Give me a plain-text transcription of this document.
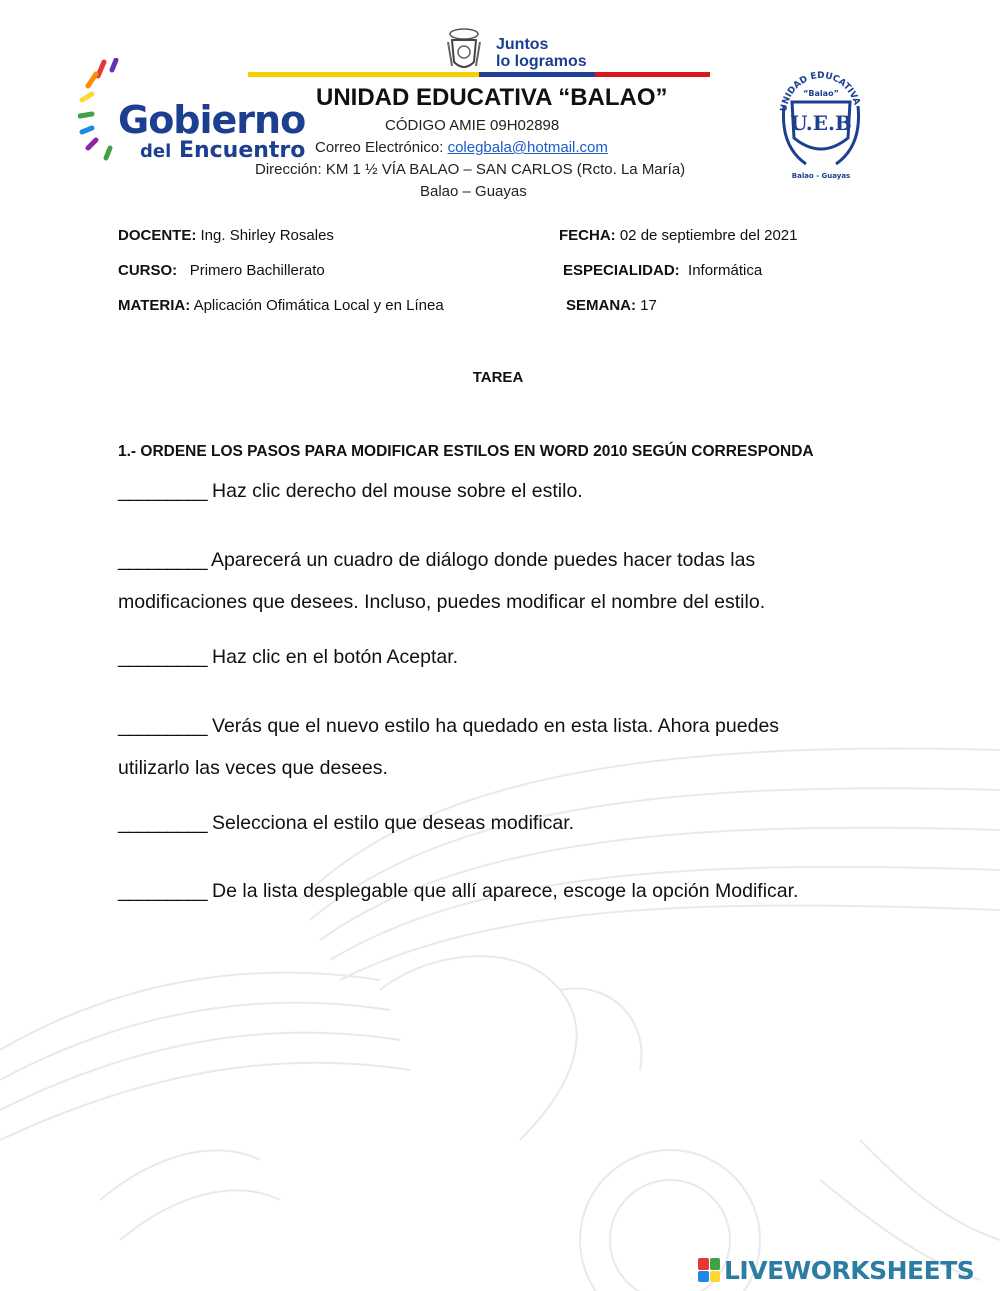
Gobierno
del Encuentro
Juntos
lo logramos
UNIDAD EDUCATIVA “BALAO”
CÓDIGO AMIE 09H02898
Correo Electrónico: colegbala@hotmail.com
Dirección: KM 1 ½ VÍA BALAO – SAN CARLOS (Rcto. La María)
Balao – Guayas
UNIDAD EDUCATIVA
“Balao”
U.E.B
Balao - Guayas
DOCENTE: Ing. Shirley Rosales	FECHA: 02 de septiembre del 2021
CURSO: Primero Bachillerato	ESPECIALIDAD: Informática
MATERIA: Aplicación Ofimática Local y en Línea	SEMANA: 17
TAREA
1.- ORDENE LOS PASOS PARA MODIFICAR ESTILOS EN WORD 2010 SEGÚN CORRESPONDA
_________ Haz clic derecho del mouse sobre el estilo.
_________ Aparecerá un cuadro de diálogo donde puedes hacer todas las
modificaciones que desees. Incluso, puedes modificar el nombre del estilo.
_________ Haz clic en el botón Aceptar.
_________ Verás que el nuevo estilo ha quedado en esta lista. Ahora puedes
utilizarlo las veces que desees.
_________ Selecciona el estilo que deseas modificar.
_________ De la lista desplegable que allí aparece, escoge la opción Modificar.
LIVEWORKSHEETS
